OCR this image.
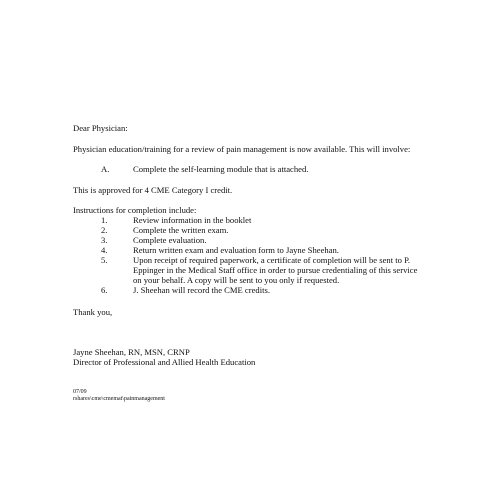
Dear Physician:
Physician education/training for a review of pain management is now available. This will involve:
A.	Complete the self-learning module that is attached.
This is approved for 4 CME Category I credit.
Instructions for completion include:
1.	Review information in the booklet
2.	Complete the written exam.
3.	Complete evaluation.
4.	Return written exam and evaluation form to Jayne Sheehan.
5.	Upon receipt of required paperwork, a certificate of completion will be sent to P. Eppinger in the Medical Staff office in order to pursue credentialing of this service on your behalf. A copy will be sent to you only if requested.
6.	J. Sheehan will record the CME credits.
Thank you,
Jayne Sheehan, RN, MSN, CRNP
Director of Professional and Allied Health Education
07/09
rshares\cme\cmemat\painmanagement
